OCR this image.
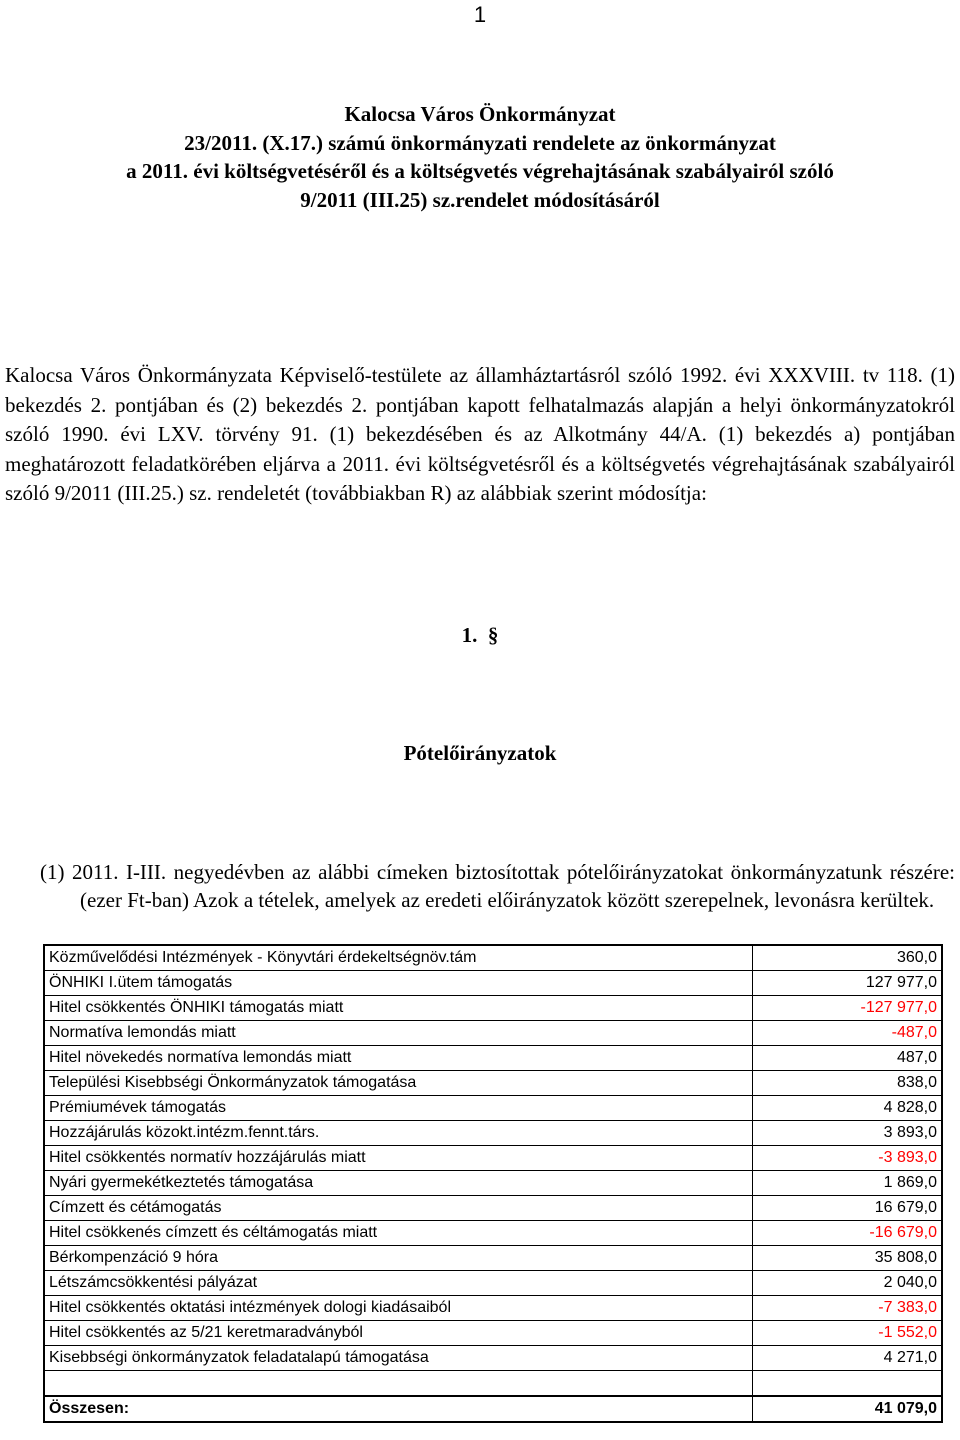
1
Kalocsa Város Önkormányzat
23/2011. (X.17.) számú önkormányzati rendelete az önkormányzat
a 2011. évi költségvetéséről és a költségvetés végrehajtásának szabályairól szóló
9/2011 (III.25) sz.rendelet módosításáról

Kalocsa Város Önkormányzata Képviselő-testülete az államháztartásról szóló 1992. évi XXXVIII. tv 118. (1) bekezdés 2. pontjában és (2) bekezdés 2. pontjában kapott felhatalmazás alapján a helyi önkormányzatokról szóló 1990. évi LXV. törvény 91. (1) bekezdésében és az Alkotmány 44/A. (1) bekezdés a) pontjában meghatározott feladatkörében eljárva a 2011. évi költségvetésről és a költségvetés végrehajtásának szabályairól szóló 9/2011 (III.25.) sz. rendeletét (továbbiakban R) az alábbiak szerint módosítja:

1. §
Pótelőirányzatok

(1) 2011. I-III. negyedévben az alábbi címeken biztosítottak pótelőirányzatokat önkormányzatunk részére: (ezer Ft-ban) Azok a tételek, amelyek az eredeti előirányzatok között szerepelnek, levonásra kerültek.

Közművelődési Intézmények - Könyvtári érdekeltségnöv.tám	360,0
ÖNHIKI I.ütem támogatás	127 977,0
Hitel csökkentés ÖNHIKI támogatás miatt	-127 977,0
Normatíva lemondás miatt	-487,0
Hitel növekedés normatíva lemondás miatt	487,0
Települési Kisebbségi Önkormányzatok támogatása	838,0
Prémiumévek támogatás	4 828,0
Hozzájárulás közokt.intézm.fennt.társ.	3 893,0
Hitel csökkentés normatív hozzájárulás miatt	-3 893,0
Nyári gyermekétkeztetés támogatása	1 869,0
Címzett és cétámogatás	16 679,0
Hitel csökkenés címzett és céltámogatás miatt	-16 679,0
Bérkompenzáció 9 hóra	35 808,0
Létszámcsökkentési pályázat	2 040,0
Hitel csökkentés oktatási intézmények dologi kiadásaiból	-7 383,0
Hitel csökkentés az 5/21 keretmaradványból	-1 552,0
Kisebbségi önkormányzatok feladatalapú támogatása	4 271,0

Összesen:	41 079,0
